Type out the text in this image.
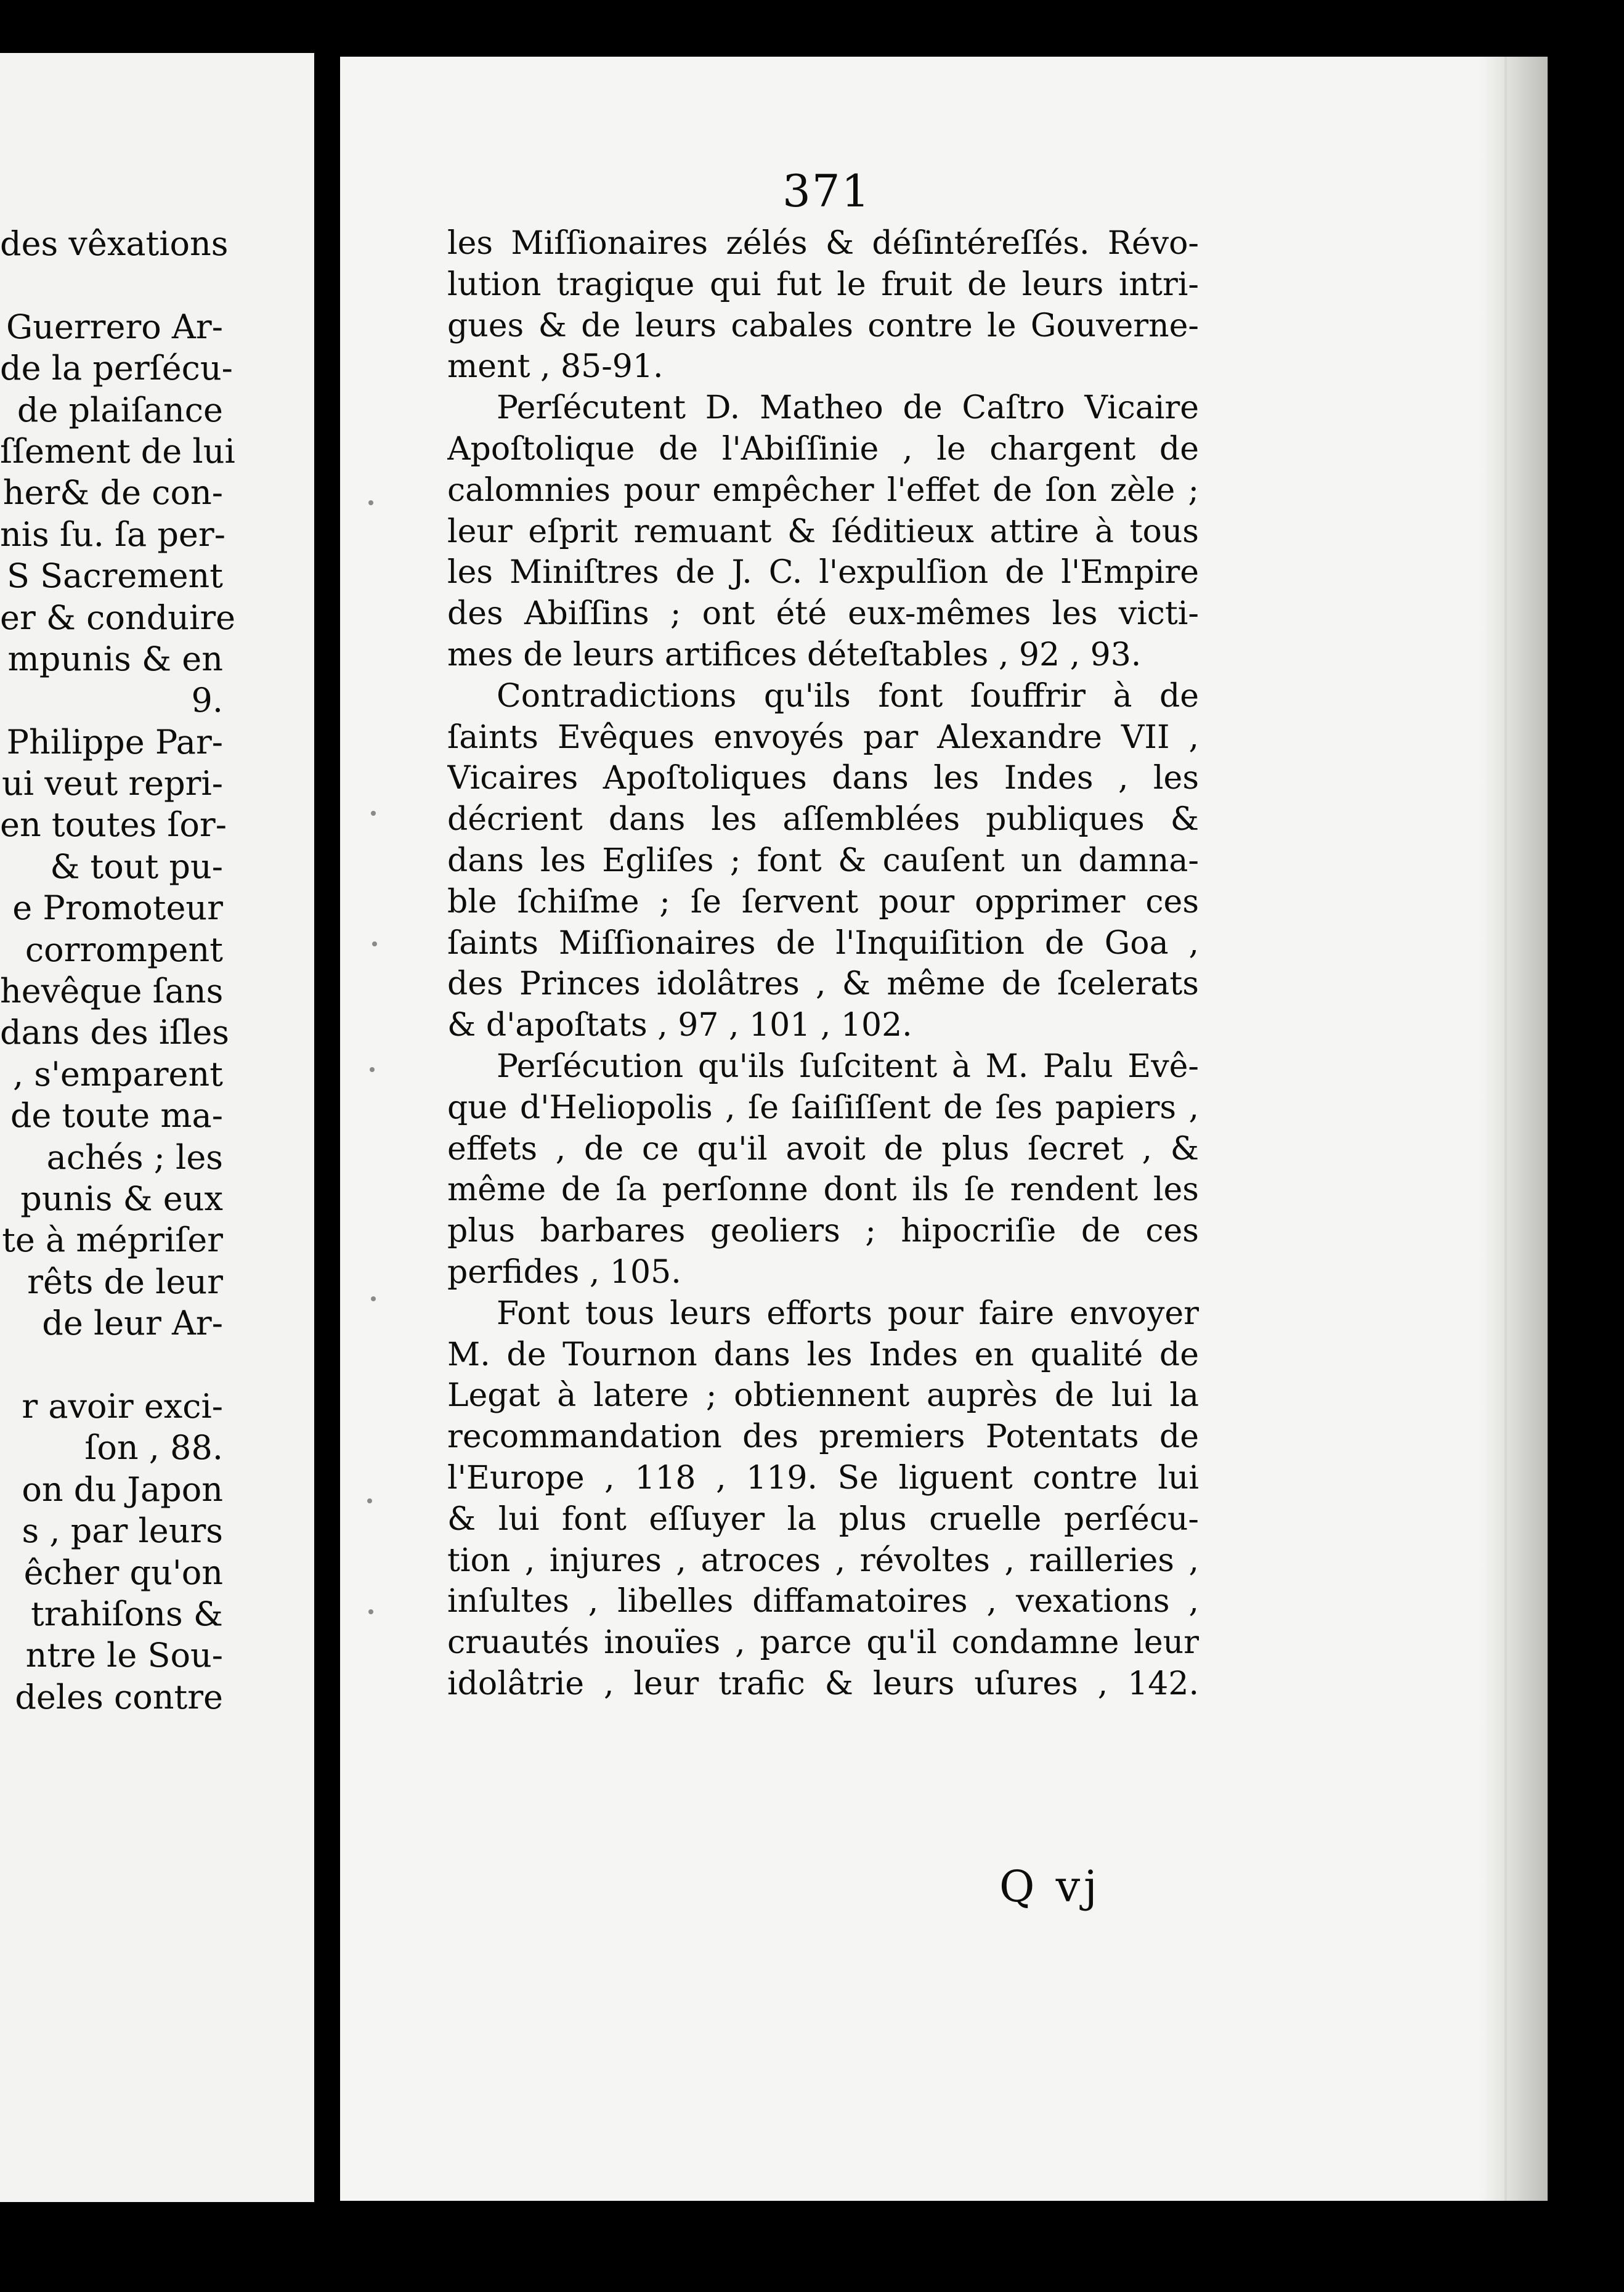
des vêxations
Guerrero Ar-
de la perſécu-
de plaiſance
ſſement de lui
her& de con-
nis ſu. ſa per-
S Sacrement
er & conduire
mpunis & en
9.
Philippe Par-
ui veut repri-
en toutes ſor-
& tout pu-
e Promoteur
corrompent
hevêque ſans
dans des iſles
, s'emparent
de toute ma-
achés ; les
punis & eux
te à mépriſer
rêts de leur
de leur Ar-
r avoir exci-
ſon , 88.
on du Japon
s , par leurs
êcher qu'on
trahiſons &
ntre le Sou-
deles contre
371
les Miſſionaires zélés & déſintéreſſés. Révo-
lution tragique qui fut le fruit de leurs intri-
gues & de leurs cabales contre le Gouverne-
ment , 85-91.
Perſécutent D. Matheo de Caſtro Vicaire
Apoſtolique de l'Abiſſinie , le chargent de
calomnies pour empêcher l'effet de ſon zèle ;
leur eſprit remuant & ſéditieux attire à tous
les Miniſtres de J. C. l'expulſion de l'Empire
des Abiſſins ; ont été eux-mêmes les victi-
mes de leurs artifices déteſtables , 92 , 93.
Contradictions qu'ils font ſouffrir à de
ſaints Evêques envoyés par Alexandre VII ,
Vicaires Apoſtoliques dans les Indes , les
décrient dans les aſſemblées publiques &
dans les Egliſes ; font & cauſent un damna-
ble ſchiſme ; ſe ſervent pour opprimer ces
ſaints Miſſionaires de l'Inquiſition de Goa ,
des Princes idolâtres , & même de ſcelerats
& d'apoſtats , 97 , 101 , 102.
Perſécution qu'ils ſuſcitent à M. Palu Evê-
que d'Heliopolis , ſe ſaiſiſſent de ſes papiers ,
effets , de ce qu'il avoit de plus ſecret , &
même de ſa perſonne dont ils ſe rendent les
plus barbares geoliers ; hipocriſie de ces
perfides , 105.
Font tous leurs efforts pour faire envoyer
M. de Tournon dans les Indes en qualité de
Legat à latere ; obtiennent auprès de lui la
recommandation des premiers Potentats de
l'Europe , 118 , 119. Se liguent contre lui
& lui font eſſuyer la plus cruelle perſécu-
tion , injures , atroces , révoltes , railleries ,
inſultes , libelles diffamatoires , vexations ,
cruautés inouïes , parce qu'il condamne leur
idolâtrie , leur trafic & leurs uſures , 142.
Q vj
